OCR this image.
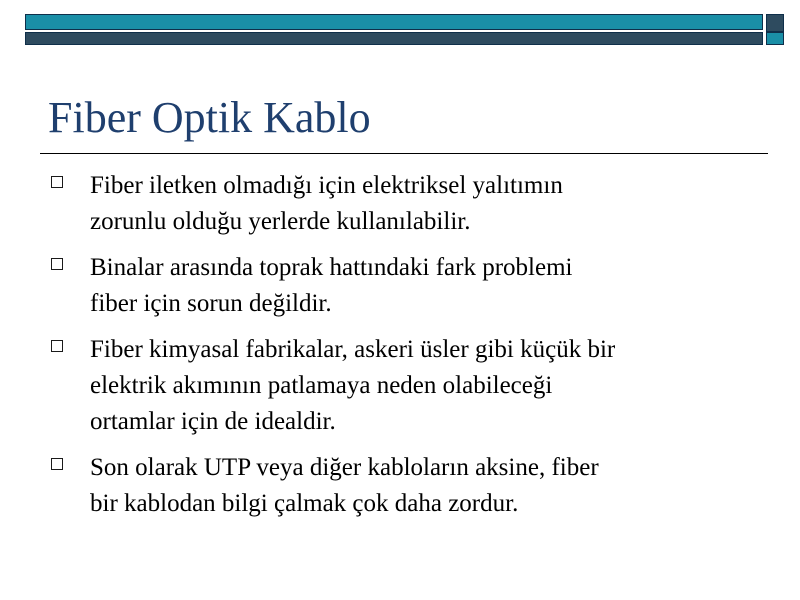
Fiber Optik Kablo
Fiber iletken olmadığı için elektriksel yalıtımın
zorunlu olduğu yerlerde kullanılabilir.
Binalar arasında toprak hattındaki fark problemi
fiber için sorun değildir.
Fiber kimyasal fabrikalar, askeri üsler gibi küçük bir
elektrik akımının patlamaya neden olabileceği
ortamlar için de idealdir.
Son olarak UTP veya diğer kabloların aksine, fiber
bir kablodan bilgi çalmak çok daha zordur.
